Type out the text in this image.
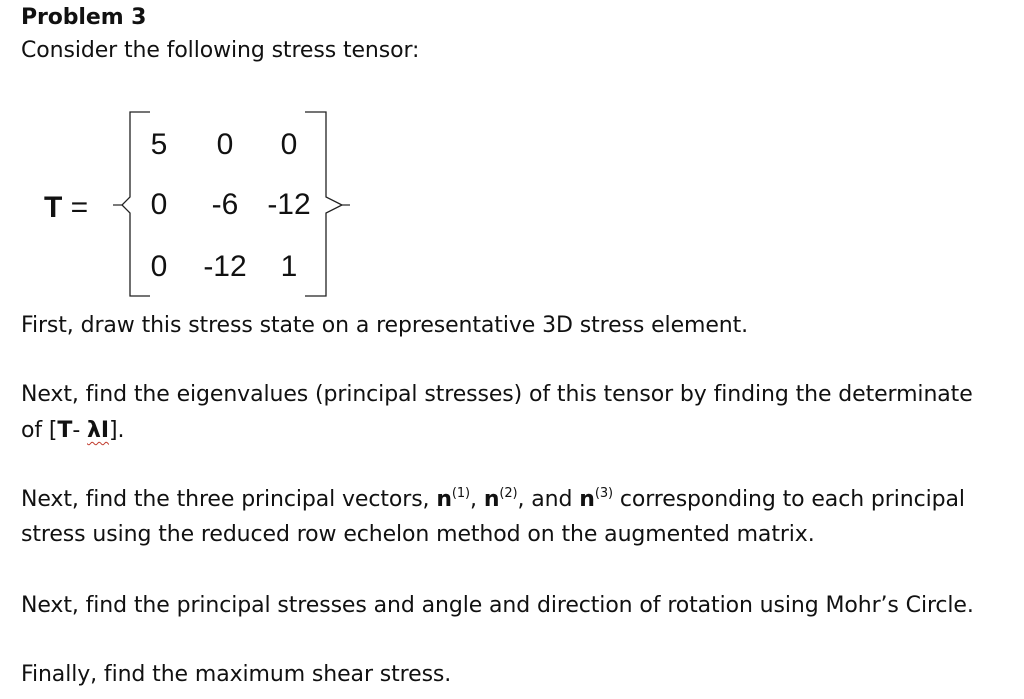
Problem 3
Consider the following stress tensor:
T =
5	0	0
0	-6 -12
0	-12	1
First, draw this stress state on a representative 3D stress element.
Next, find the eigenvalues (principal stresses) of this tensor by finding the determinate
of [T- λI].
Next, find the three principal vectors, $n^{(1)}$, $n^{(2)}$, and $n^{(3)}$ corresponding to each principal
stress using the reduced row echelon method on the augmented matrix.
Next, find the principal stresses and angle and direction of rotation using Mohr’s Circle.
Finally, find the maximum shear stress.
